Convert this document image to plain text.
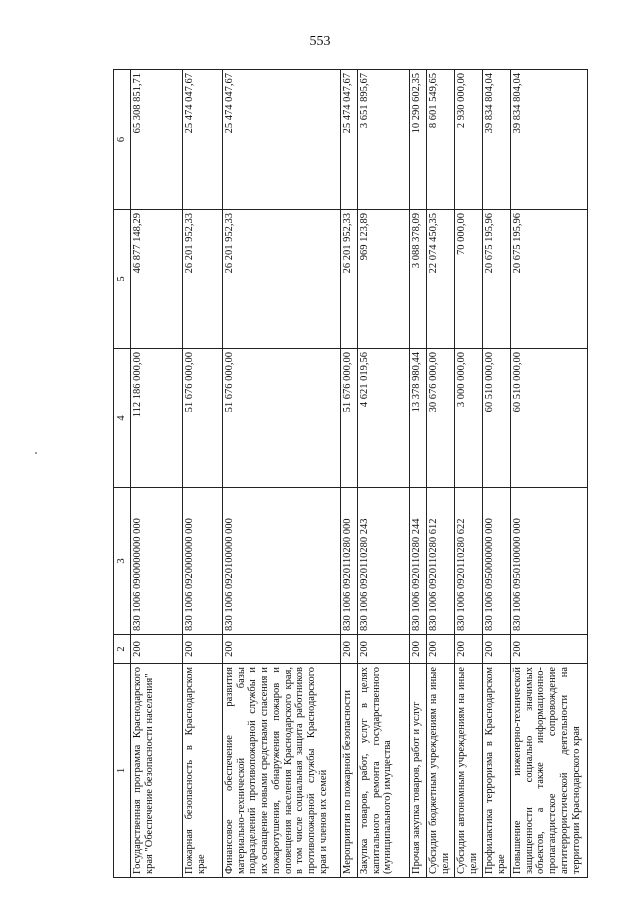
553
1	2	3	4	5	6
Государственная программа Краснодарского края "Обеспечение безопасности населения"	200	830 1006 0900000000 000	112 186 000,00	46 877 148,29	65 308 851,71
Пожарная безопасность в Краснодарском крае	200	830 1006 0920000000 000	51 676 000,00	26 201 952,33	25 474 047,67
Финансовое обеспечение развития материально-технической базы подразделений противопожарной службы и их оснащение новыми средствами спасения и пожаротушения, обнаружения пожаров и оповещения населения Краснодарского края, в том числе социальная защита работников противопожарной службы Краснодарского края и членов их семей	200	830 1006 0920100000 000	51 676 000,00	26 201 952,33	25 474 047,67
Мероприятия по пожарной безопасности	200	830 1006 0920110280 000	51 676 000,00	26 201 952,33	25 474 047,67
Закупка товаров, работ, услуг в целях капитального ремонта государственного (муниципального) имущества	200	830 1006 0920110280 243	4 621 019,56	969 123,89	3 651 895,67
Прочая закупка товаров, работ и услуг	200	830 1006 0920110280 244	13 378 980,44	3 088 378,09	10 290 602,35
Субсидии бюджетным учреждениям на иные цели	200	830 1006 0920110280 612	30 676 000,00	22 074 450,35	8 601 549,65
Субсидии автономным учреждениям на иные цели	200	830 1006 0920110280 622	3 000 000,00	70 000,00	2 930 000,00
Профилактика терроризма в Краснодарском крае	200	830 1006 0950000000 000	60 510 000,00	20 675 195,96	39 834 804,04
Повышение инженерно-технической защищенности социально значимых объектов, а также информационно-пропагандистское сопровождение антитеррористической деятельности на территории Краснодарского края	200	830 1006 0950100000 000	60 510 000,00	20 675 195,96	39 834 804,04
